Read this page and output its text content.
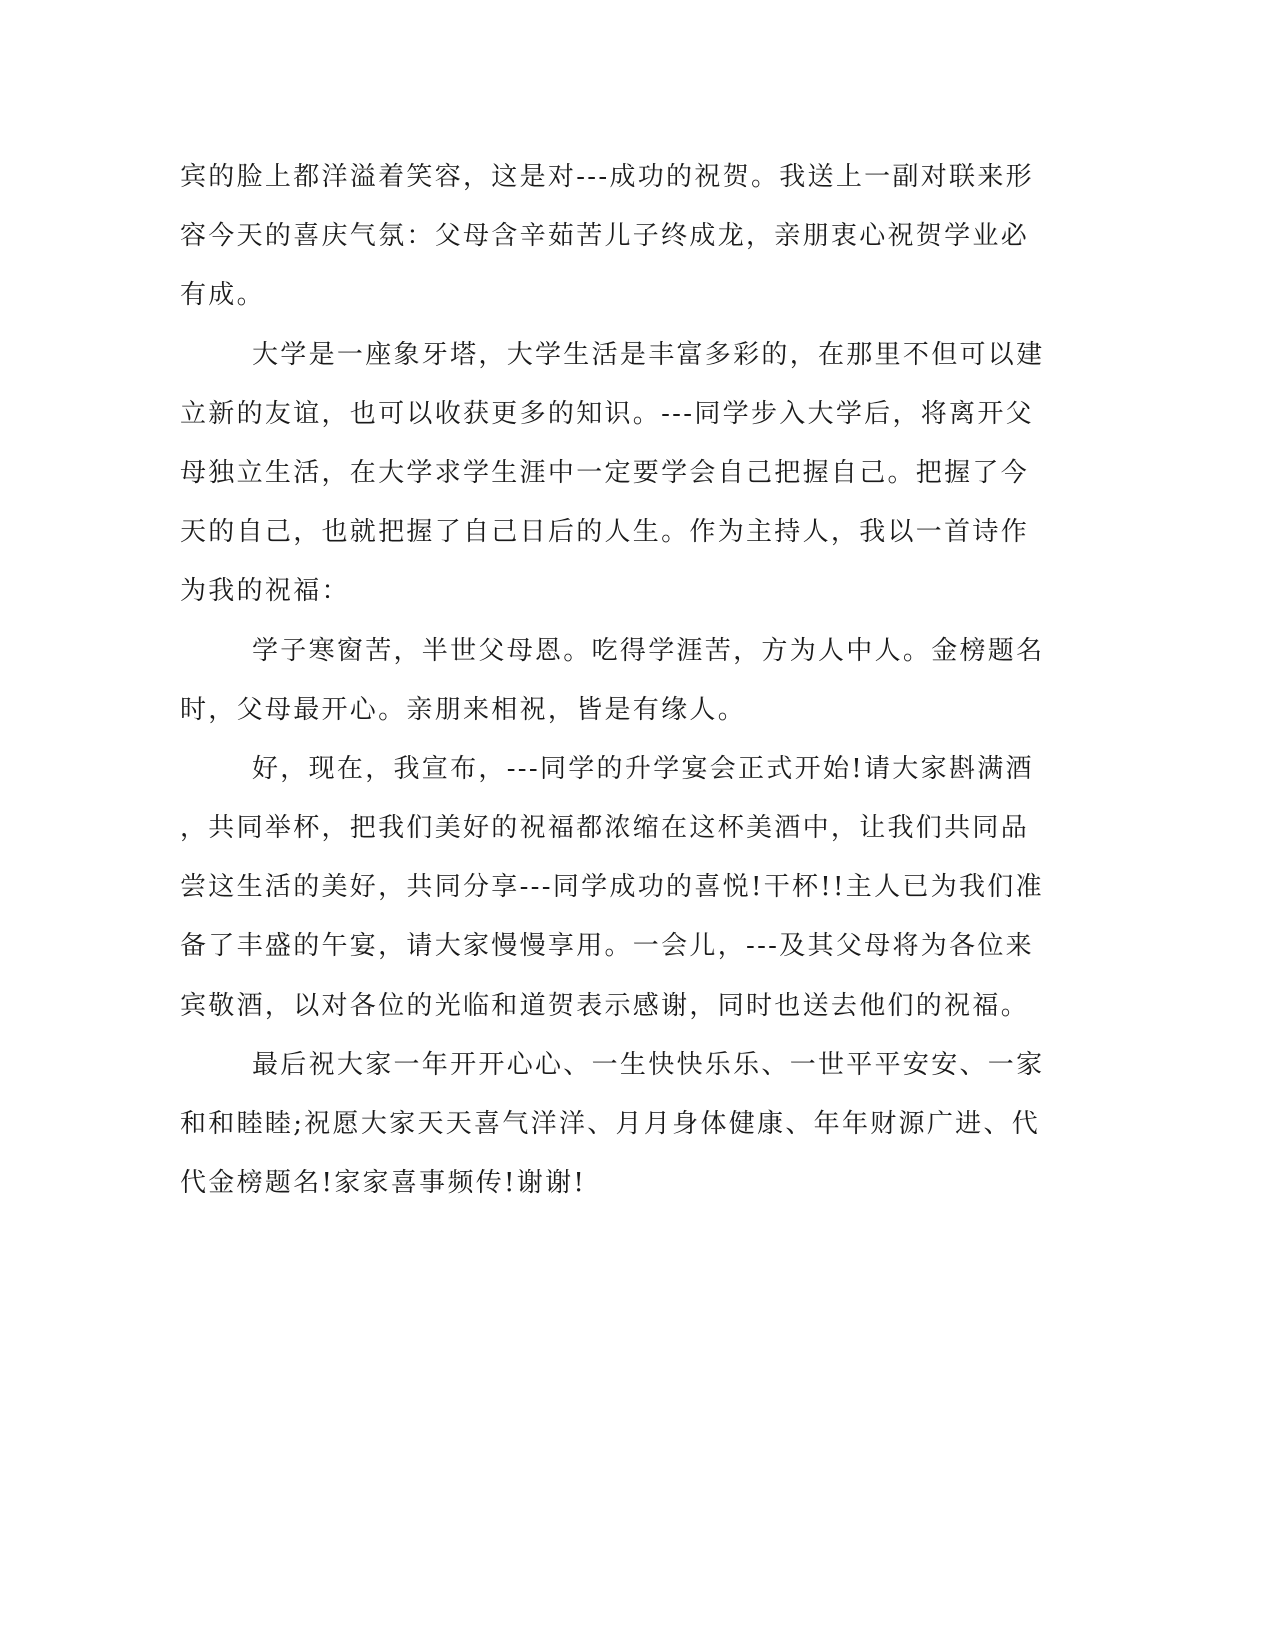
宾的脸上都洋溢着笑容，这是对---成功的祝贺。我送上一副对联来形
容今天的喜庆气氛：父母含辛茹苦儿子终成龙，亲朋衷心祝贺学业必
有成。
大学是一座象牙塔，大学生活是丰富多彩的，在那里不但可以建
立新的友谊，也可以收获更多的知识。---同学步入大学后，将离开父
母独立生活，在大学求学生涯中一定要学会自己把握自己。把握了今
天的自己，也就把握了自己日后的人生。作为主持人，我以一首诗作
为我的祝福：
学子寒窗苦，半世父母恩。吃得学涯苦，方为人中人。金榜题名
时，父母最开心。亲朋来相祝，皆是有缘人。
好，现在，我宣布，---同学的升学宴会正式开始!请大家斟满酒
，共同举杯，把我们美好的祝福都浓缩在这杯美酒中，让我们共同品
尝这生活的美好，共同分享---同学成功的喜悦!干杯!!主人已为我们准
备了丰盛的午宴，请大家慢慢享用。一会儿，---及其父母将为各位来
宾敬酒，以对各位的光临和道贺表示感谢，同时也送去他们的祝福。
最后祝大家一年开开心心、一生快快乐乐、一世平平安安、一家
和和睦睦;祝愿大家天天喜气洋洋、月月身体健康、年年财源广进、代
代金榜题名!家家喜事频传!谢谢!
